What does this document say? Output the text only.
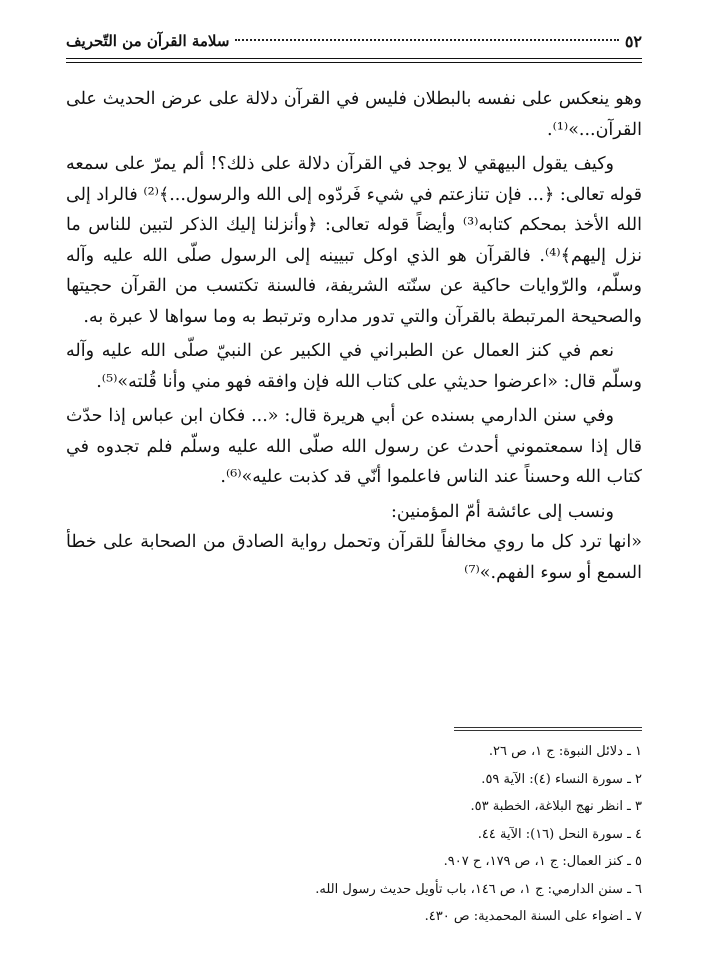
٥٢
سلامة القرآن من التّحريف

وهو ينعكس على نفسه بالبطلان فليس في القرآن دلالة على عرض الحديث على القرآن...»⁽¹⁾.

وكيف يقول البيهقي لا يوجد في القرآن دلالة على ذلك؟! ألم يمرّ على سمعه قوله تعالى: ﴿... فإن تنازعتم في شيء فَردّوه إلى الله والرسول...﴾⁽²⁾ فالراد إلى الله الأخذ بمحكم كتابه⁽³⁾ وأيضاً قوله تعالى: ﴿وأنزلنا إليك الذكر لتبين للناس ما نزل إليهم﴾⁽⁴⁾. فالقرآن هو الذي اوكل تبيينه إلى الرسول صلّى الله عليه وآله وسلّم، والرّوايات حاكية عن سنّته الشريفة، فالسنة تكتسب من القرآن حجيتها والصحيحة المرتبطة بالقرآن والتي تدور مداره وترتبط به وما سواها لا عبرة به.

نعم في كنز العمال عن الطبراني في الكبير عن النبيّ صلّى الله عليه وآله وسلّم قال: «اعرضوا حديثي على كتاب الله فإن وافقه فهو مني وأنا قُلته»⁽⁵⁾.

وفي سنن الدارمي بسنده عن أبي هريرة قال: «... فكان ابن عباس إذا حدّث قال إذا سمعتموني أحدث عن رسول الله صلّى الله عليه وسلّم فلم تجدوه في كتاب الله وحسناً عند الناس فاعلموا أنّي قد كذبت عليه»⁽⁶⁾.

ونسب إلى عائشة أمّ المؤمنين:

«انها ترد كل ما روي مخالفاً للقرآن وتحمل رواية الصادق من الصحابة على خطأ السمع أو سوء الفهم.»⁽⁷⁾

١ ـ دلائل النبوة: ج ١، ص ٢٦.
٢ ـ سورة النساء (٤): الآية ٥٩.
٣ ـ انظر نهج البلاغة، الخطبة ٥٣.
٤ ـ سورة النحل (١٦): الآية ٤٤.
٥ ـ كنز العمال: ج ١، ص ١٧٩، ح ٩٠٧.
٦ ـ سنن الدارمي: ج ١، ص ١٤٦، باب تأويل حديث رسول الله.
٧ ـ اضواء على السنة المحمدية: ص ٤٣٠.
